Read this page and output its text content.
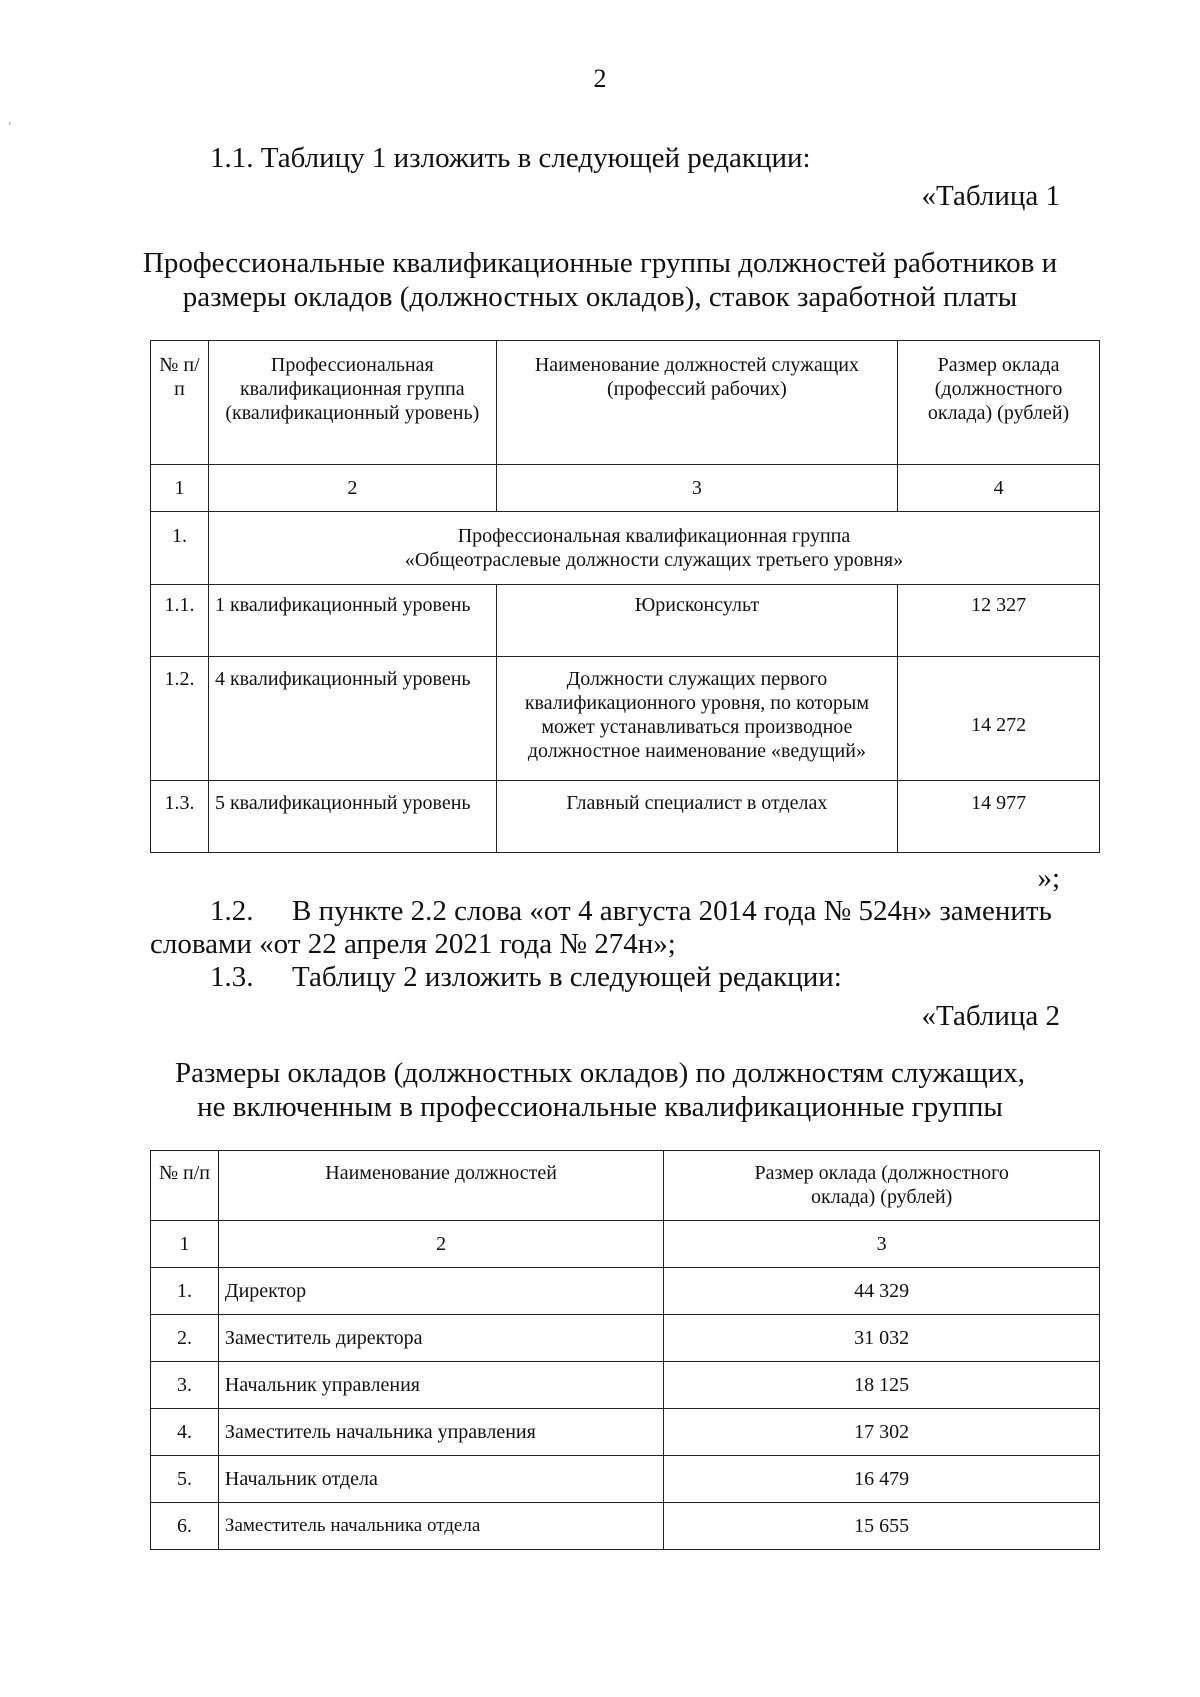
2
¸
1.1. Таблицу 1 изложить в следующей редакции:
«Таблица 1
Профессиональные квалификационные группы должностей работников и
размеры окладов (должностных окладов), ставок заработной платы
№ п/п	Профессиональная квалификационная группа (квалификационный уровень)	Наименование должностей служащих (профессий рабочих)	Размер оклада (должностного оклада) (рублей)
1	2	3	4
1.	Профессиональная квалификационная группа
«Общеотраслевые должности служащих третьего уровня»		

1.1.	1 квалификационный уровень	Юрисконсульт	12 327
1.2.	4 квалификационный уровень	Должности служащих первого квалификационного уровня, по которым может устанавливаться производное должностное наименование «ведущий»	14 272
1.3.	5 квалификационный уровень	Главный специалист в отделах	14 977
»;
1.2. В пункте 2.2 слова «от 4 августа 2014 года № 524н» заменить
словами «от 22 апреля 2021 года № 274н»;
1.3. Таблицу 2 изложить в следующей редакции:
«Таблица 2
Размеры окладов (должностных окладов) по должностям служащих,
не включенным в профессиональные квалификационные группы
№ п/п	Наименование должностей	Размер оклада (должностного оклада) (рублей)
1	2	3
1.	Директор	44 329
2.	Заместитель директора	31 032
3.	Начальник управления	18 125
4.	Заместитель начальника управления	17 302
5.	Начальник отдела	16 479
6.	Заместитель начальника отдела	15 655
